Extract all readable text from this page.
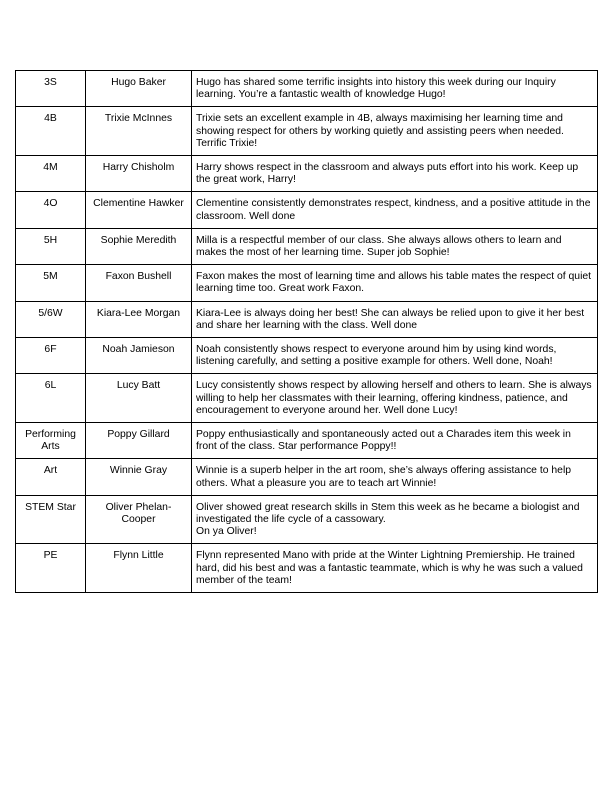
3S	Hugo Baker	Hugo has shared some terrific insights into history this week during our Inquiry learning. You’re a fantastic wealth of knowledge Hugo!
4B	Trixie McInnes	Trixie sets an excellent example in 4B, always maximising her learning time and showing respect for others by working quietly and assisting peers when needed. Terrific Trixie!
4M	Harry Chisholm	Harry shows respect in the classroom and always puts effort into his work. Keep up the great work, Harry!
4O	Clementine Hawker	Clementine consistently demonstrates respect, kindness, and a positive attitude in the classroom. Well done
5H	Sophie Meredith	Milla is a respectful member of our class. She always allows others to learn and makes the most of her learning time. Super job Sophie!
5M	Faxon Bushell	Faxon makes the most of learning time and allows his table mates the respect of quiet learning time too. Great work Faxon.
5/6W	Kiara-Lee Morgan	Kiara-Lee is always doing her best! She can always be relied upon to give it her best and share her learning with the class. Well done
6F	Noah Jamieson	Noah consistently shows respect to everyone around him by using kind words, listening carefully, and setting a positive example for others. Well done, Noah!
6L	Lucy Batt	Lucy consistently shows respect by allowing herself and others to learn. She is always willing to help her classmates with their learning, offering kindness, patience, and encouragement to everyone around her. Well done Lucy!
Performing Arts	Poppy Gillard	Poppy enthusiastically and spontaneously acted out a Charades item this week in front of the class. Star performance Poppy!!
Art	Winnie Gray	Winnie is a superb helper in the art room, she’s always offering assistance to help others. What a pleasure you are to teach art Winnie!
STEM Star	Oliver Phelan-Cooper	Oliver showed great research skills in Stem this week as he became a biologist and investigated the life cycle of a cassowary.
On ya Oliver!
PE	Flynn Little	Flynn represented Mano with pride at the Winter Lightning Premiership. He trained hard, did his best and was a fantastic teammate, which is why he was such a valued member of the team!
